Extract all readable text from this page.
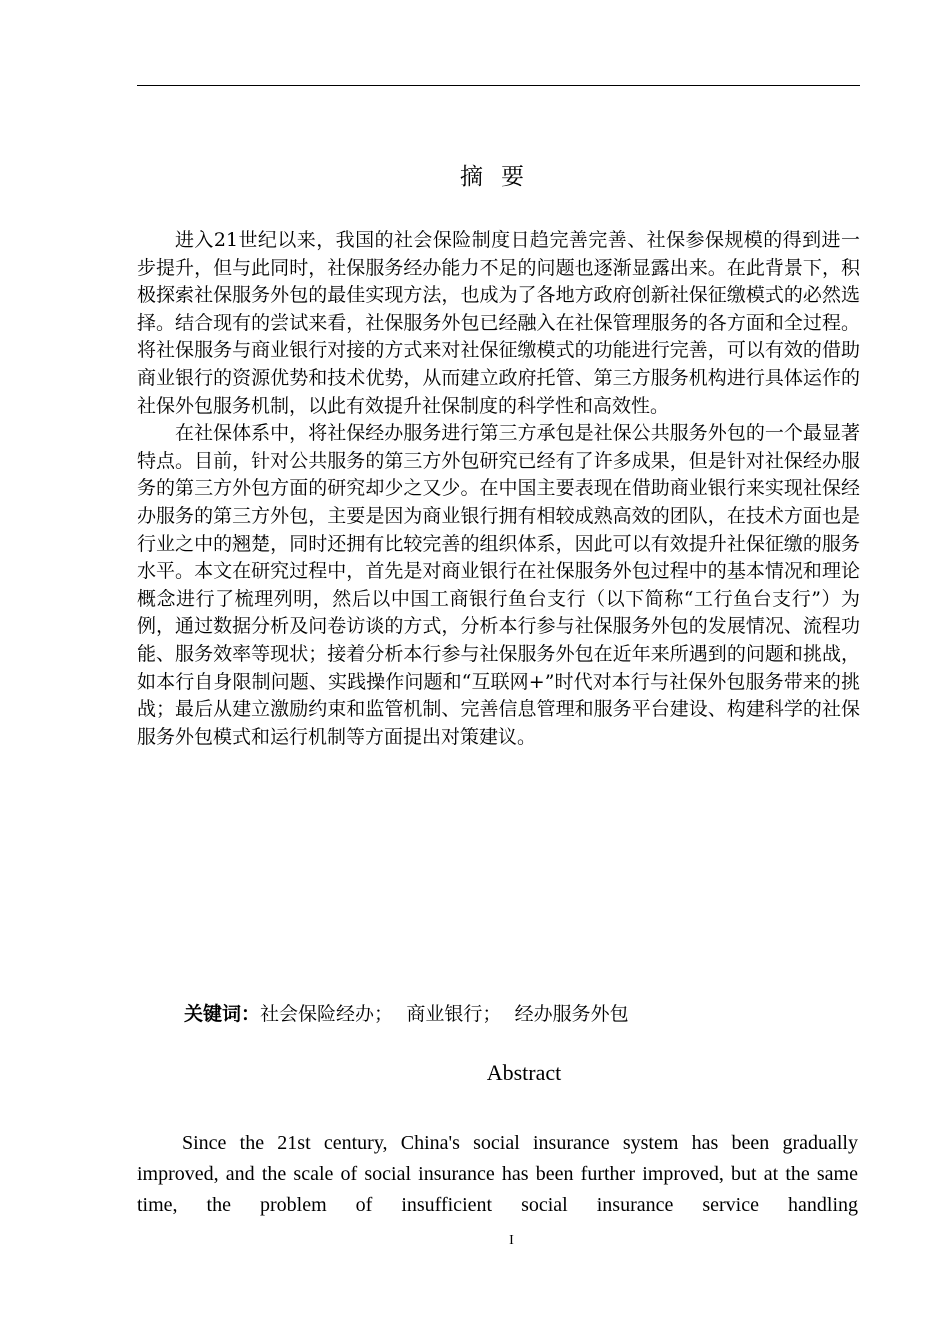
摘要

进入21世纪以来，我国的社会保险制度日趋完善完善、社保参保规模的得到进一步提升，但与此同时，社保服务经办能力不足的问题也逐渐显露出来。在此背景下，积极探索社保服务外包的最佳实现方法，也成为了各地方政府创新社保征缴模式的必然选择。结合现有的尝试来看，社保服务外包已经融入在社保管理服务的各方面和全过程。将社保服务与商业银行对接的方式来对社保征缴模式的功能进行完善，可以有效的借助商业银行的资源优势和技术优势，从而建立政府托管、第三方服务机构进行具体运作的社保外包服务机制，以此有效提升社保制度的科学性和高效性。

在社保体系中，将社保经办服务进行第三方承包是社保公共服务外包的一个最显著特点。目前，针对公共服务的第三方外包研究已经有了许多成果，但是针对社保经办服务的第三方外包方面的研究却少之又少。在中国主要表现在借助商业银行来实现社保经办服务的第三方外包，主要是因为商业银行拥有相较成熟高效的团队，在技术方面也是行业之中的翘楚，同时还拥有比较完善的组织体系，因此可以有效提升社保征缴的服务水平。本文在研究过程中，首先是对商业银行在社保服务外包过程中的基本情况和理论概念进行了梳理列明，然后以中国工商银行鱼台支行（以下简称“工行鱼台支行”）为例，通过数据分析及问卷访谈的方式，分析本行参与社保服务外包的发展情况、流程功能、服务效率等现状；接着分析本行参与社保服务外包在近年来所遇到的问题和挑战，如本行自身限制问题、实践操作问题和“互联网+”时代对本行与社保外包服务带来的挑战；最后从建立激励约束和监管机制、完善信息管理和服务平台建设、构建科学的社保服务外包模式和运行机制等方面提出对策建议。

关键词：社会保险经办； 商业银行； 经办服务外包
Abstract

Since the 21st century, China's social insurance system has been gradually improved, and the scale of social insurance has been further improved, but at the same time, the problem of insufficient social insurance service handling

I
